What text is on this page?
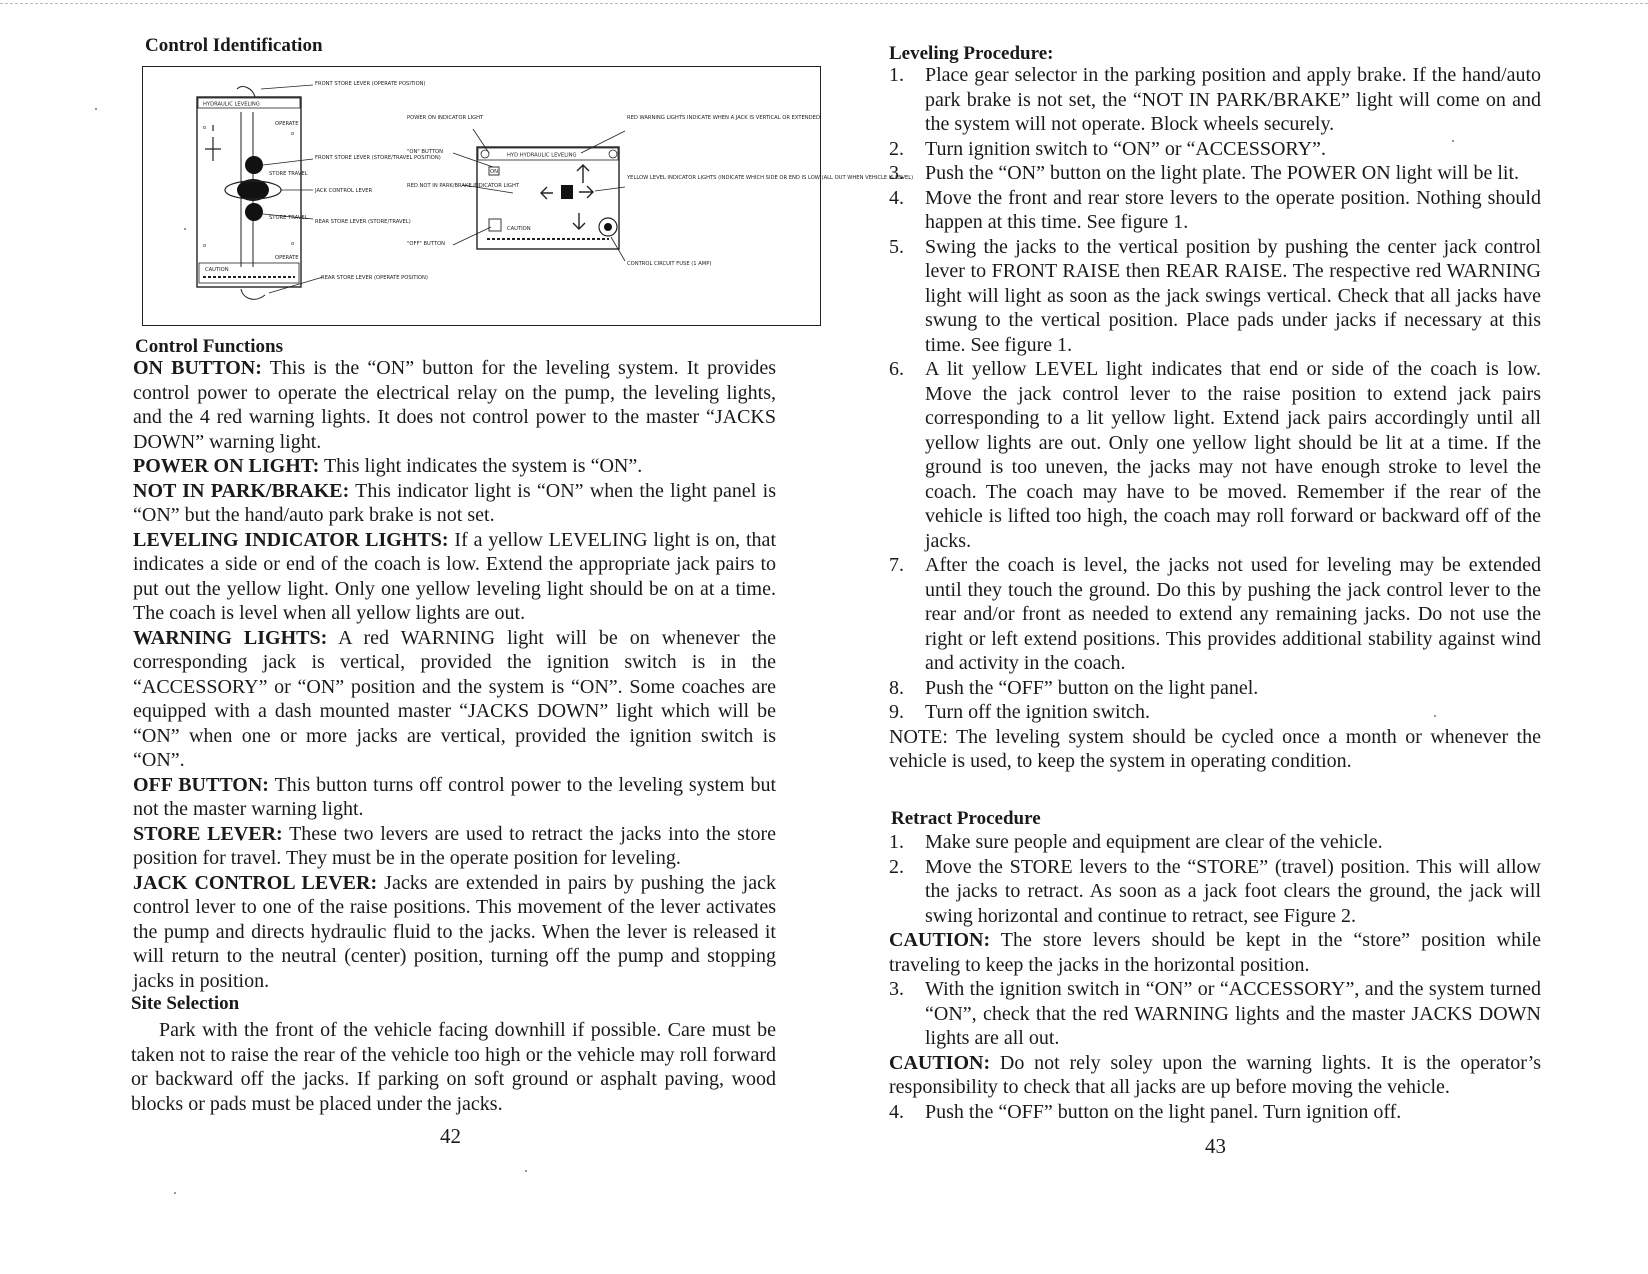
Control Identification
HYDRAULIC LEVELING
o
o
o	o
OPERATE
OPERATE
STORE TRAVEL
STORE TRAVEL
CAUTION
FRONT STORE LEVER (OPERATE POSITION)
FRONT STORE LEVER (STORE/TRAVEL POSITION)
JACK CONTROL LEVER
REAR STORE LEVER (STORE/TRAVEL)
REAR STORE LEVER (OPERATE POSITION)
HYD HYDRAULIC LEVELING
ON
CAUTION
POWER ON INDICATOR LIGHT
"ON" BUTTON
RED NOT IN PARK/BRAKE INDICATOR LIGHT
"OFF" BUTTON
RED WARNING LIGHTS INDICATE WHEN A JACK IS VERTICAL OR EXTENDED
YELLOW LEVEL INDICATOR LIGHTS (INDICATE WHICH SIDE OR END IS LOW (ALL OUT WHEN VEHICLE IS LEVEL)
CONTROL CIRCUIT FUSE (1 AMP)
Control Functions
ON BUTTON: This is the “ON” button for the leveling system. It provides control power to operate the electrical relay on the pump, the leveling lights, and the 4 red warning lights. It does not control power to the master “JACKS DOWN” warning light.
POWER ON LIGHT: This light indicates the system is “ON”.
NOT IN PARK/BRAKE: This indicator light is “ON” when the light panel is “ON” but the hand/auto park brake is not set.
LEVELING INDICATOR LIGHTS: If a yellow LEVELING light is on, that indicates a side or end of the coach is low. Extend the appropriate jack pairs to put out the yellow light. Only one yellow leveling light should be on at a time. The coach is level when all yellow lights are out.
WARNING LIGHTS: A red WARNING light will be on whenever the corresponding jack is vertical, provided the ignition switch is in the “ACCESSORY” or “ON” position and the system is “ON”. Some coaches are equipped with a dash mounted master “JACKS DOWN” light which will be “ON” when one or more jacks are vertical, provided the ignition switch is “ON”.
OFF BUTTON: This button turns off control power to the leveling system but not the master warning light.
STORE LEVER: These two levers are used to retract the jacks into the store position for travel. They must be in the operate position for leveling.
JACK CONTROL LEVER: Jacks are extended in pairs by pushing the jack control lever to one of the raise positions. This movement of the lever activates the pump and directs hydraulic fluid to the jacks. When the lever is released it will return to the neutral (center) position, turning off the pump and stopping jacks in position.
Site Selection
Park with the front of the vehicle facing downhill if possible. Care must be taken not to raise the rear of the vehicle too high or the vehicle may roll forward or backward off the jacks. If parking on soft ground or asphalt paving, wood blocks or pads must be placed under the jacks.
42
Leveling Procedure:
1.	Place gear selector in the parking position and apply brake. If the hand/auto park brake is not set, the “NOT IN PARK/BRAKE” light will come on and the system will not operate. Block wheels securely.
2.	Turn ignition switch to “ON” or “ACCESSORY”.
3.	Push the “ON” button on the light plate. The POWER ON light will be lit.
4.	Move the front and rear store levers to the operate position. Nothing should happen at this time. See figure 1.
5.	Swing the jacks to the vertical position by pushing the center jack control lever to FRONT RAISE then REAR RAISE. The respective red WARNING light will light as soon as the jack swings vertical. Check that all jacks have swung to the vertical position. Place pads under jacks if necessary at this time. See figure 1.
6.	A lit yellow LEVEL light indicates that end or side of the coach is low. Move the jack control lever to the raise position to extend jack pairs corresponding to a lit yellow light. Extend jack pairs accordingly until all yellow lights are out. Only one yellow light should be lit at a time. If the ground is too uneven, the jacks may not have enough stroke to level the coach. The coach may have to be moved. Remember if the rear of the vehicle is lifted too high, the coach may roll forward or backward off of the jacks.
7.	After the coach is level, the jacks not used for leveling may be extended until they touch the ground. Do this by pushing the jack control lever to the rear and/or front as needed to extend any remaining jacks. Do not use the right or left extend positions. This provides additional stability against wind and activity in the coach.
8.	Push the “OFF” button on the light panel.
9.	Turn off the ignition switch.
NOTE: The leveling system should be cycled once a month or whenever the vehicle is used, to keep the system in operating condition.
Retract Procedure
1.	Make sure people and equipment are clear of the vehicle.
2.	Move the STORE levers to the “STORE” (travel) position. This will allow the jacks to retract. As soon as a jack foot clears the ground, the jack will swing horizontal and continue to retract, see Figure 2.
CAUTION: The store levers should be kept in the “store” position while traveling to keep the jacks in the horizontal position.
3.	With the ignition switch in “ON” or “ACCESSORY”, and the system turned “ON”, check that the red WARNING lights and the master JACKS DOWN lights are all out.
CAUTION: Do not rely soley upon the warning lights. It is the operator’s responsibility to check that all jacks are up before moving the vehicle.
4.	Push the “OFF” button on the light panel. Turn ignition off.
43
